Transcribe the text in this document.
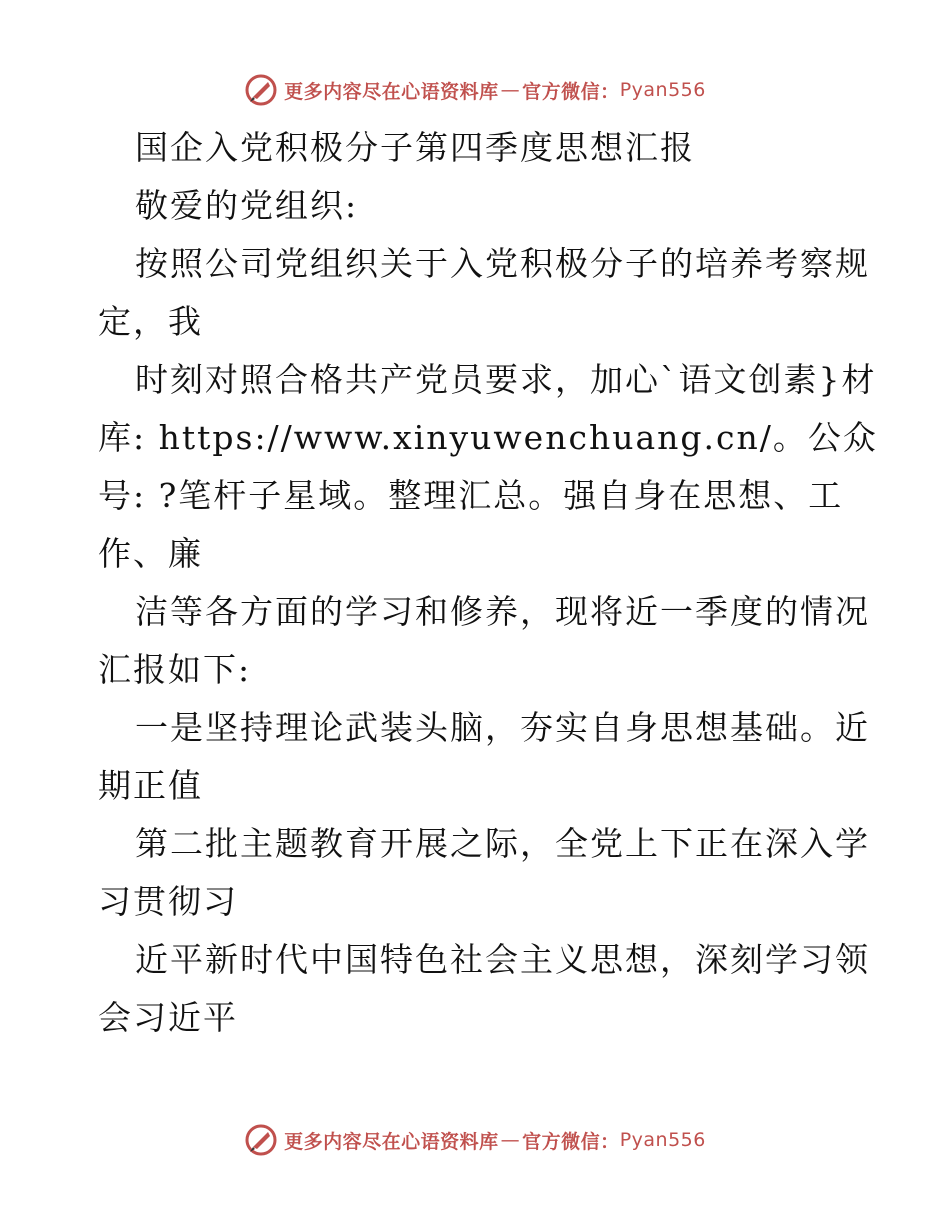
更多内容尽在心语资料库 — 官方微信： Pyan556
国企入党积极分子第四季度思想汇报
敬爱的党组织:
按照公司党组织关于入党积极分子的培养考察规
定，我
时刻对照合格共产党员要求，加心`语文创素}材
库: https://www.xinyuwenchuang.cn/。公众
号: ?笔杆子星域。整理汇总。强自身在思想、工
作、廉
洁等各方面的学习和修养，现将近一季度的情况
汇报如下:
一是坚持理论武装头脑，夯实自身思想基础。近
期正值
第二批主题教育开展之际，全党上下正在深入学
习贯彻习
近平新时代中国特色社会主义思想，深刻学习领
会习近平
更多内容尽在心语资料库 — 官方微信： Pyan556
